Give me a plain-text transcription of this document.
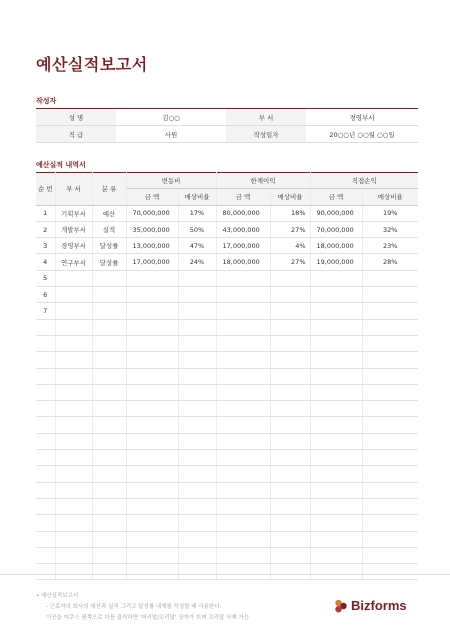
예산실적보고서
작성자
성 명	김○○	부 서	경영부서
직 급	사원	작성일자	20○○년 ○○월 ○○일
예산실적 내역서
순 번	부 서	분 류	변동비		한계이익		직접손익	
			금 액	매상비율	금 액	매상비율	금 액	매상비율
1	기획부서	예산	70,000,000	17%	80,000,000	18%	90,000,000	19%
2	개발부서	실적	35,000,000	50%	43,000,000	27%	70,000,000	32%
3	경영부서	달성률	13,000,000	47%	17,000,000	4%	18,000,000	23%
4	연구부서	달성률	17,000,000	24%	18,000,000	27%	19,000,000	28%
5								
6								
7								

• 예산실적보고서
- 근로자의 회사의 예산과 실적 그리고 달성률 내계를 작성할 때 사용한다.
이곳을 미쿠스 뭔쪽으로 다음 클릭하면 '머리말/꼬리말' 상자가 뜨며 꼬리말 삭제 가능
Bizforms
